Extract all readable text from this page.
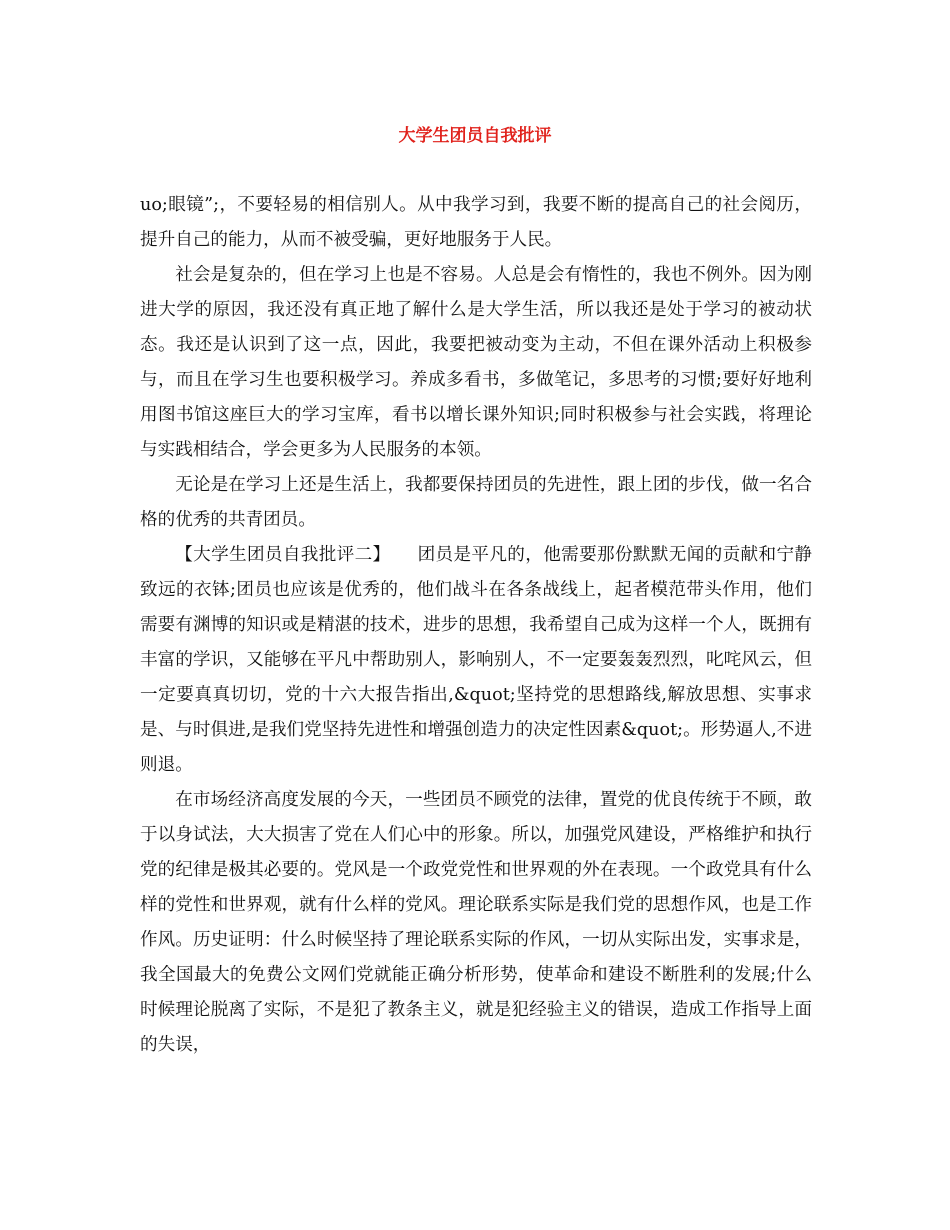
大学生团员自我批评

uo;眼镜”;，不要轻易的相信别人。从中我学习到，我要不断的提高自己的社会阅历，提升自己的能力，从而不被受骗，更好地服务于人民。

社会是复杂的，但在学习上也是不容易。人总是会有惰性的，我也不例外。因为刚进大学的原因，我还没有真正地了解什么是大学生活，所以我还是处于学习的被动状态。我还是认识到了这一点，因此，我要把被动变为主动，不但在课外活动上积极参与，而且在学习生也要积极学习。养成多看书，多做笔记，多思考的习惯;要好好地利用图书馆这座巨大的学习宝库，看书以增长课外知识;同时积极参与社会实践，将理论与实践相结合，学会更多为人民服务的本领。

无论是在学习上还是生活上，我都要保持团员的先进性，跟上团的步伐，做一名合格的优秀的共青团员。

【大学生团员自我批评二】　　团员是平凡的，他需要那份默默无闻的贡献和宁静致远的衣钵;团员也应该是优秀的，他们战斗在各条战线上，起者模范带头作用，他们需要有渊博的知识或是精湛的技术，进步的思想，我希望自己成为这样一个人，既拥有丰富的学识，又能够在平凡中帮助别人，影响别人，不一定要轰轰烈烈，叱咤风云，但一定要真真切切，党的十六大报告指出,&quot;坚持党的思想路线,解放思想、实事求是、与时俱进,是我们党坚持先进性和增强创造力的决定性因素&quot;。形势逼人,不进则退。

在市场经济高度发展的今天，一些团员不顾党的法律，置党的优良传统于不顾，敢于以身试法，大大损害了党在人们心中的形象。所以，加强党风建设，严格维护和执行党的纪律是极其必要的。党风是一个政党党性和世界观的外在表现。一个政党具有什么样的党性和世界观，就有什么样的党风。理论联系实际是我们党的思想作风，也是工作作风。历史证明：什么时候坚持了理论联系实际的作风，一切从实际出发，实事求是，我全国最大的免费公文网们党就能正确分析形势，使革命和建设不断胜利的发展;什么时候理论脱离了实际，不是犯了教条主义，就是犯经验主义的错误，造成工作指导上面的失误，
